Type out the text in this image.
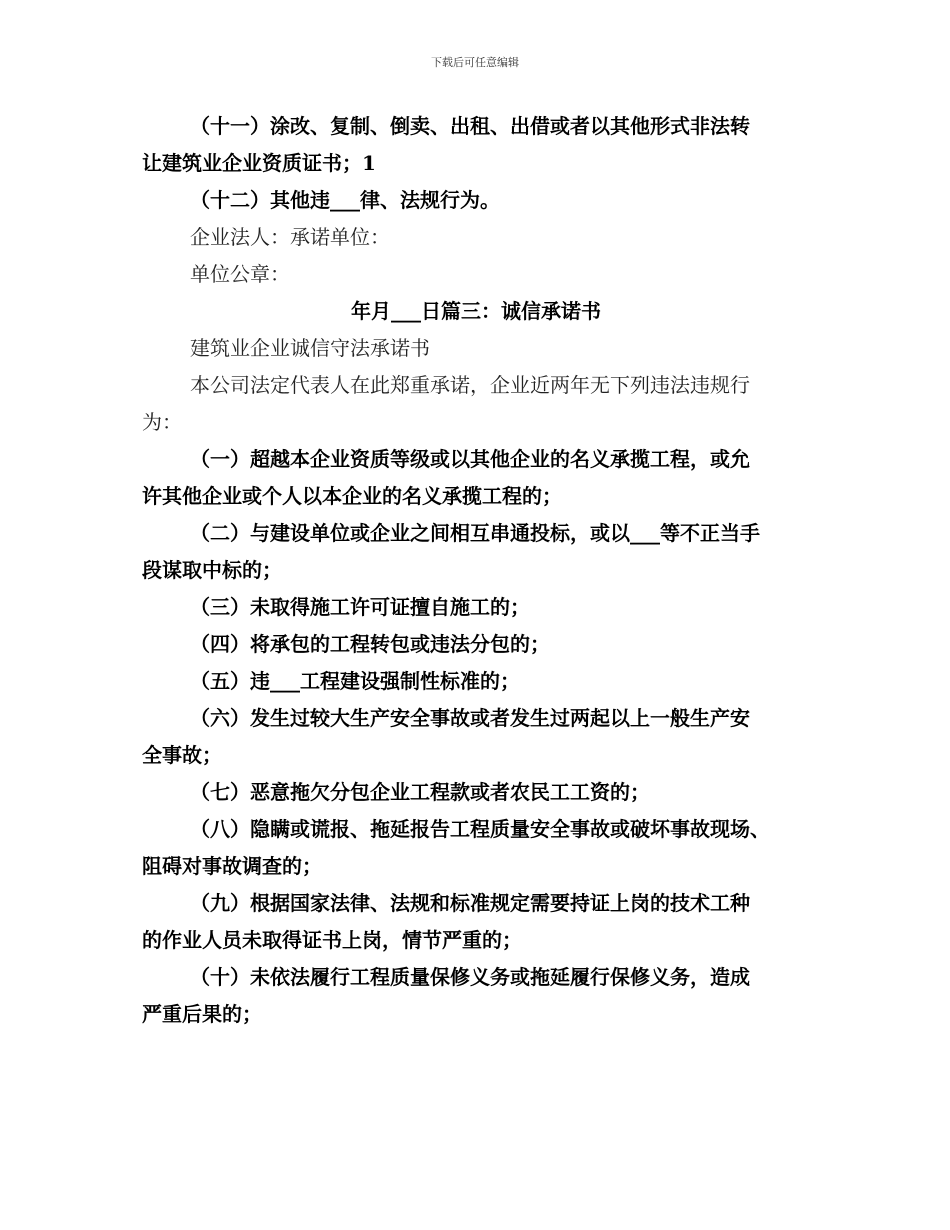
下载后可任意编辑
（十一）涂改、复制、倒卖、出租、出借或者以其他形式非法转
让建筑业企业资质证书；1
（十二）其他违___律、法规行为。
企业法人：承诺单位：
单位公章：
年月___日篇三：诚信承诺书
建筑业企业诚信守法承诺书
本公司法定代表人在此郑重承诺，企业近两年无下列违法违规行
为：
（一）超越本企业资质等级或以其他企业的名义承揽工程，或允
许其他企业或个人以本企业的名义承揽工程的；
（二）与建设单位或企业之间相互串通投标，或以___等不正当手
段谋取中标的；
（三）未取得施工许可证擅自施工的；
（四）将承包的工程转包或违法分包的；
（五）违___工程建设强制性标准的；
（六）发生过较大生产安全事故或者发生过两起以上一般生产安
全事故；
（七）恶意拖欠分包企业工程款或者农民工工资的；
（八）隐瞒或谎报、拖延报告工程质量安全事故或破坏事故现场、
阻碍对事故调查的；
（九）根据国家法律、法规和标准规定需要持证上岗的技术工种
的作业人员未取得证书上岗，情节严重的；
（十）未依法履行工程质量保修义务或拖延履行保修义务，造成
严重后果的；
